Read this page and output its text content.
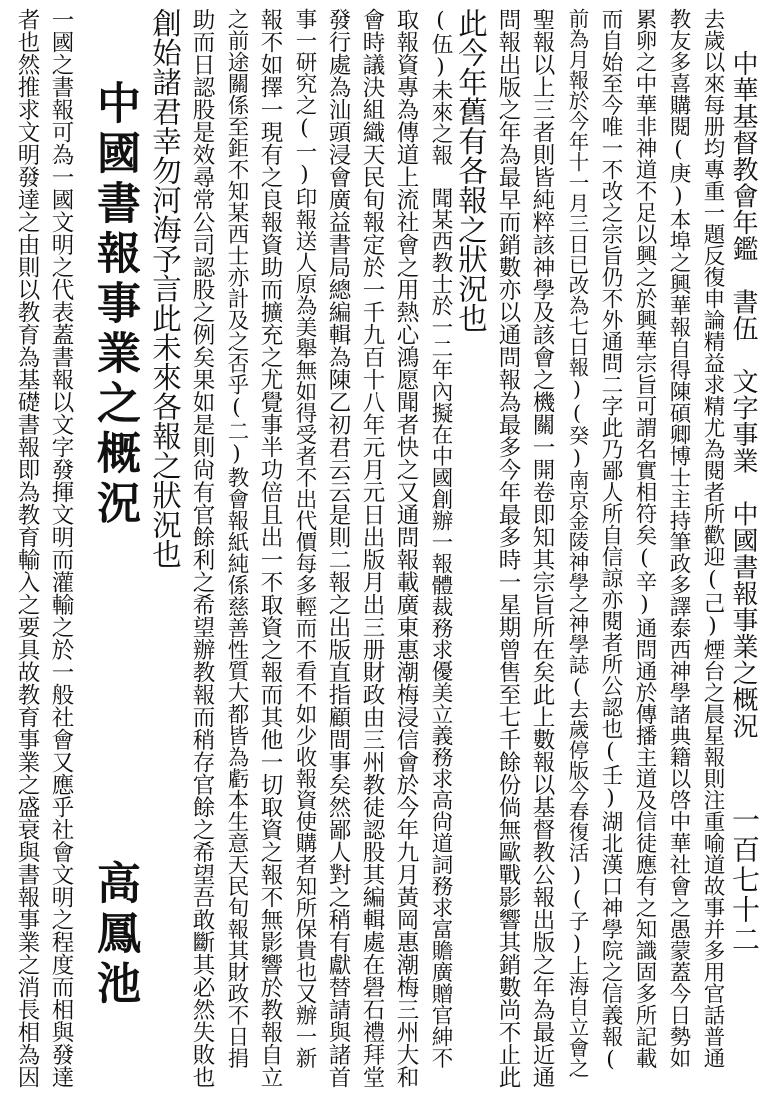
中華基督教會年鑑　書伍　文字事業　中國書報事業之概況
一百七十二
去歲以來每册均專重一題反復申論精益求精尤為閱者所歡迎(己)煙台之晨星報則注重喻道故事并多用官話普通
教友多喜購閱(庚)本埠之興華報自得陳碩卿博士主持筆政多譯泰西神學諸典籍以啓中華社會之愚蒙蓋今日勢如
累卵之中華非神道不足以興之於興華宗旨可謂名實相符矣(辛)通問通於傳播主道及信徒應有之知識固多所記載
而自始至今唯一不改之宗旨仍不外通問二字此乃鄙人所自信諒亦閱者所公認也(壬)湖北漢口神學院之信義報(
前為月報於今年十一月三日已改為七日報)(癸)南京金陵神學之神學誌(去歲停版今春復活)(子)上海自立會之
聖報以上三者則皆純粹該神學及該會之機關一開卷即知其宗旨所在矣此上數報以基督教公報出版之年為最近通
問報出版之年為最早而銷數亦以通問報為最多今年最多時一星期曾售至七千餘份倘無歐戰影響其銷數尚不止此
此今年舊有各報之狀況也
(伍)未來之報　聞某西教士於一二年內擬在中國創辦一報體裁務求優美立義務求高尙道詞務求富贍廣贈官紳不
取報資專為傳道上流社會之用熱心鴻愿聞者快之又通問報載廣東惠潮梅浸信會於今年九月黃岡惠潮梅三州大和
會時議決組織天民旬報定於一千九百十八年元月元日出版月出三册財政由三州教徒認股其編輯處在礐石禮拜堂
發行處為汕頭浸會廣益書局總編輯為陳乙初君云云是則二報之出版直指顧間事矣然鄙人對之稍有獻替請與諸首
事一研究之(一)印報送人原為美舉無如得受者不出代價每多輕而不看不如少收報資使購者知所保貴也又辦一新
報不如擇一現有之良報資助而擴充之尤覺事半功倍且出一不取資之報而其他一切取資之報不無影響於教報自立
之前途關係至鉅不知某西士亦計及之否乎(二)教會報紙純係慈善性質大都皆為虧本生意天民旬報其財政不日捐
助而日認股是效尋常公司認股之例矣果如是則尙有官餘利之希望辦教報而稍存官餘之希望吾敢斷其必然失敗也
創始諸君幸勿河海予言此未來各報之狀況也
中國書報事業之概況
高鳳池
一國之書報可為一國文明之代表蓋書報以文字發揮文明而灌輸之於一般社會又應乎社會文明之程度而相與發達
者也然推求文明發達之由則以教育為基礎書報即為教育輸入之要具故教育事業之盛衰與書報事業之消長相為因
